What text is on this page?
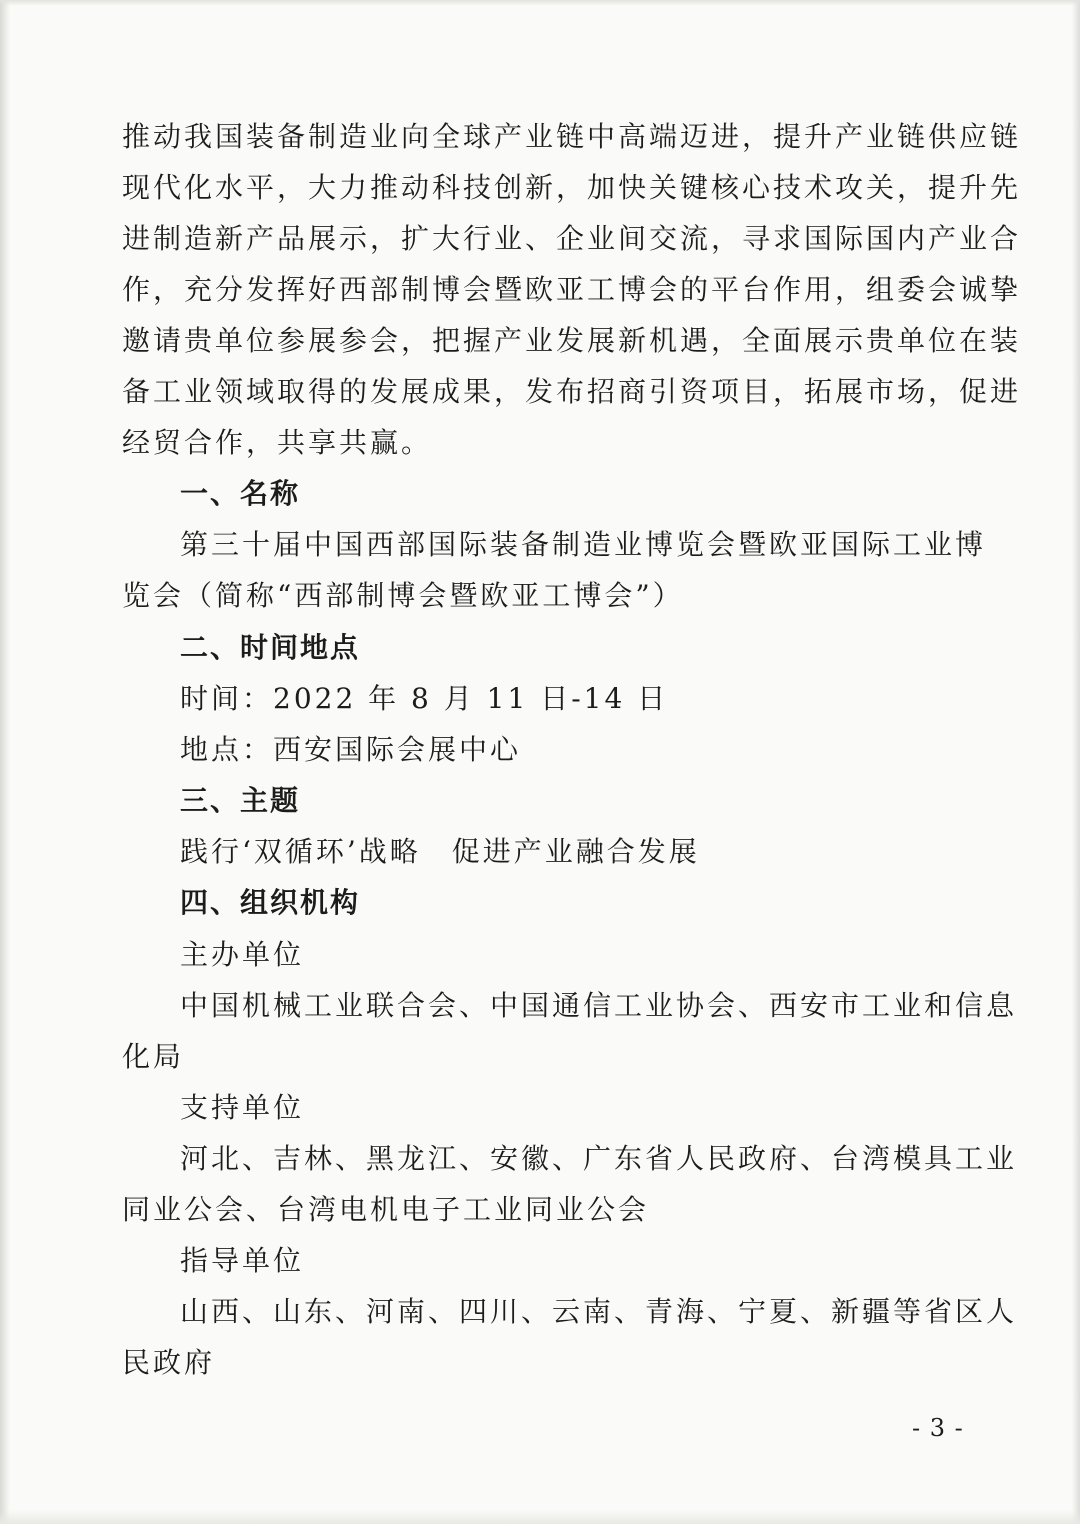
推动我国装备制造业向全球产业链中高端迈进，提升产业链供应链
现代化水平，大力推动科技创新，加快关键核心技术攻关，提升先
进制造新产品展示，扩大行业、企业间交流，寻求国际国内产业合
作，充分发挥好西部制博会暨欧亚工博会的平台作用，组委会诚挚
邀请贵单位参展参会，把握产业发展新机遇，全面展示贵单位在装
备工业领域取得的发展成果，发布招商引资项目，拓展市场，促进
经贸合作，共享共赢。
一、名称
第三十届中国西部国际装备制造业博览会暨欧亚国际工业博
览会（简称“西部制博会暨欧亚工博会”）
二、时间地点
时间：2022 年 8 月 11 日-14 日
地点：西安国际会展中心
三、主题
践行‘双循环’战略　促进产业融合发展
四、组织机构
主办单位
中国机械工业联合会、中国通信工业协会、西安市工业和信息
化局
支持单位
河北、吉林、黑龙江、安徽、广东省人民政府、台湾模具工业
同业公会、台湾电机电子工业同业公会
指导单位
山西、山东、河南、四川、云南、青海、宁夏、新疆等省区人
民政府
- 3 -
